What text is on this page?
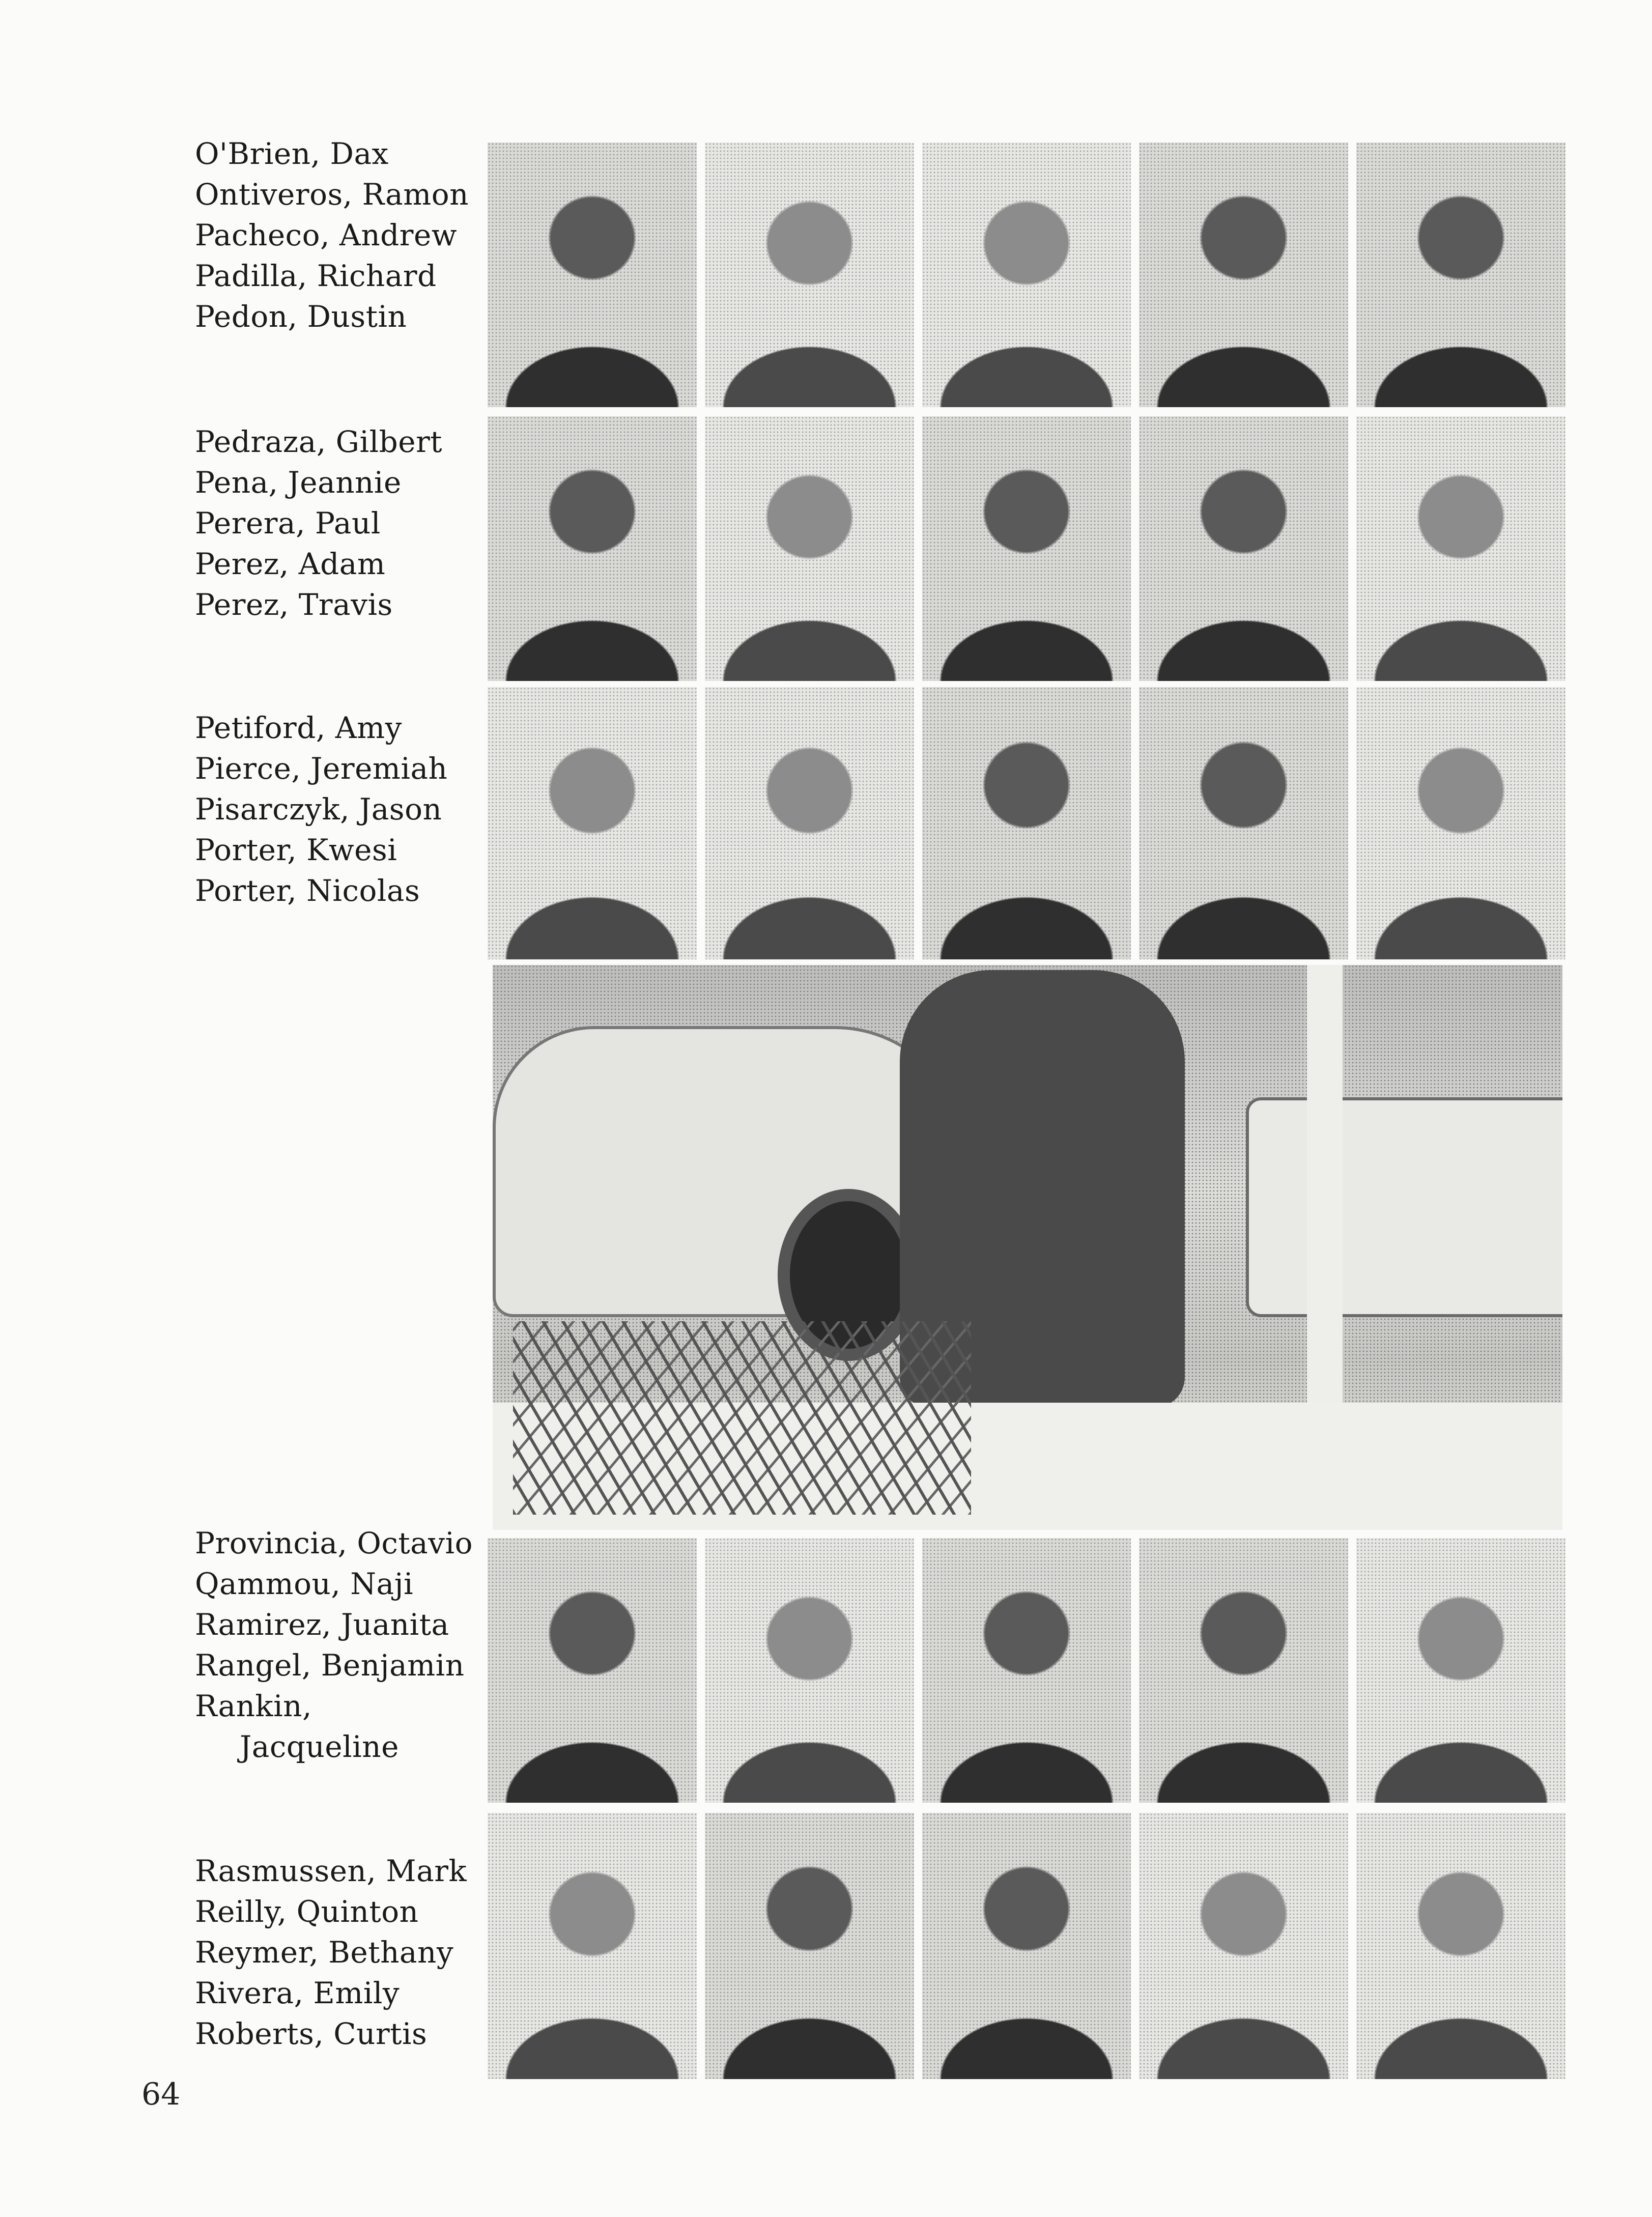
O'Brien, Dax
Ontiveros, Ramon
Pacheco, Andrew
Padilla, Richard
Pedon, Dustin
Pedraza, Gilbert
Pena, Jeannie
Perera, Paul
Perez, Adam
Perez, Travis
Petiford, Amy
Pierce, Jeremiah
Pisarczyk, Jason
Porter, Kwesi
Porter, Nicolas
Provincia, Octavio
Qammou, Naji
Ramirez, Juanita
Rangel, Benjamin
Rankin,
Jacqueline
Rasmussen, Mark
Reilly, Quinton
Reymer, Bethany
Rivera, Emily
Roberts, Curtis
64
